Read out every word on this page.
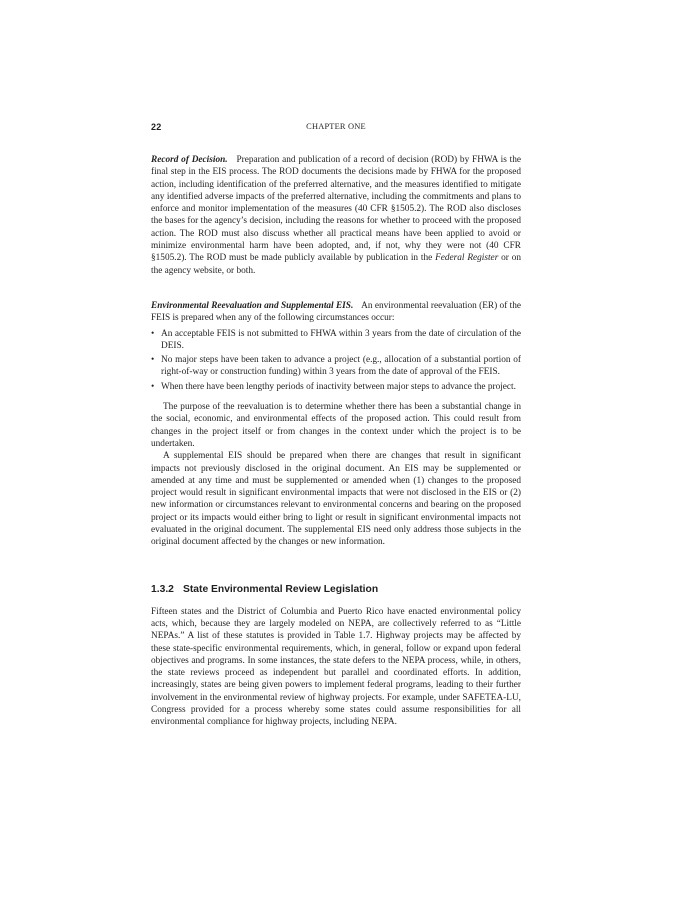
22	CHAPTER ONE

Record of Decision. Preparation and publication of a record of decision (ROD) by FHWA is the final step in the EIS process. The ROD documents the decisions made by FHWA for the proposed action, including identification of the preferred alternative, and the measures identified to mitigate any identified adverse impacts of the preferred alternative, including the commitments and plans to enforce and monitor implementation of the measures (40 CFR §1505.2). The ROD also discloses the bases for the agency’s decision, including the reasons for whether to proceed with the proposed action. The ROD must also discuss whether all practical means have been applied to avoid or minimize environmental harm have been adopted, and, if not, why they were not (40 CFR §1505.2). The ROD must be made publicly available by publication in the Federal Register or on the agency website, or both.

Environmental Reevaluation and Supplemental EIS. An environmental reevaluation (ER) of the FEIS is prepared when any of the following circumstances occur:

• An acceptable FEIS is not submitted to FHWA within 3 years from the date of circulation of the DEIS.
• No major steps have been taken to advance a project (e.g., allocation of a substantial portion of right-of-way or construction funding) within 3 years from the date of approval of the FEIS.
• When there have been lengthy periods of inactivity between major steps to advance the project.

The purpose of the reevaluation is to determine whether there has been a substantial change in the social, economic, and environmental effects of the proposed action. This could result from changes in the project itself or from changes in the context under which the project is to be undertaken.

A supplemental EIS should be prepared when there are changes that result in significant impacts not previously disclosed in the original document. An EIS may be supplemented or amended at any time and must be supplemented or amended when (1) changes to the proposed project would result in significant environmental impacts that were not disclosed in the EIS or (2) new information or circumstances relevant to environmental concerns and bearing on the proposed project or its impacts would either bring to light or result in significant environmental impacts not evaluated in the original document. The supplemental EIS need only address those subjects in the original document affected by the changes or new information.

1.3.2 State Environmental Review Legislation

Fifteen states and the District of Columbia and Puerto Rico have enacted environmental policy acts, which, because they are largely modeled on NEPA, are collectively referred to as “Little NEPAs.” A list of these statutes is provided in Table 1.7. Highway projects may be affected by these state-specific environmental requirements, which, in general, follow or expand upon federal objectives and programs. In some instances, the state defers to the NEPA process, while, in others, the state reviews proceed as independent but parallel and coordinated efforts. In addition, increasingly, states are being given powers to implement federal programs, leading to their further involvement in the environmental review of highway projects. For example, under SAFETEA-LU, Congress provided for a process whereby some states could assume responsibilities for all environmental compliance for highway projects, including NEPA.
